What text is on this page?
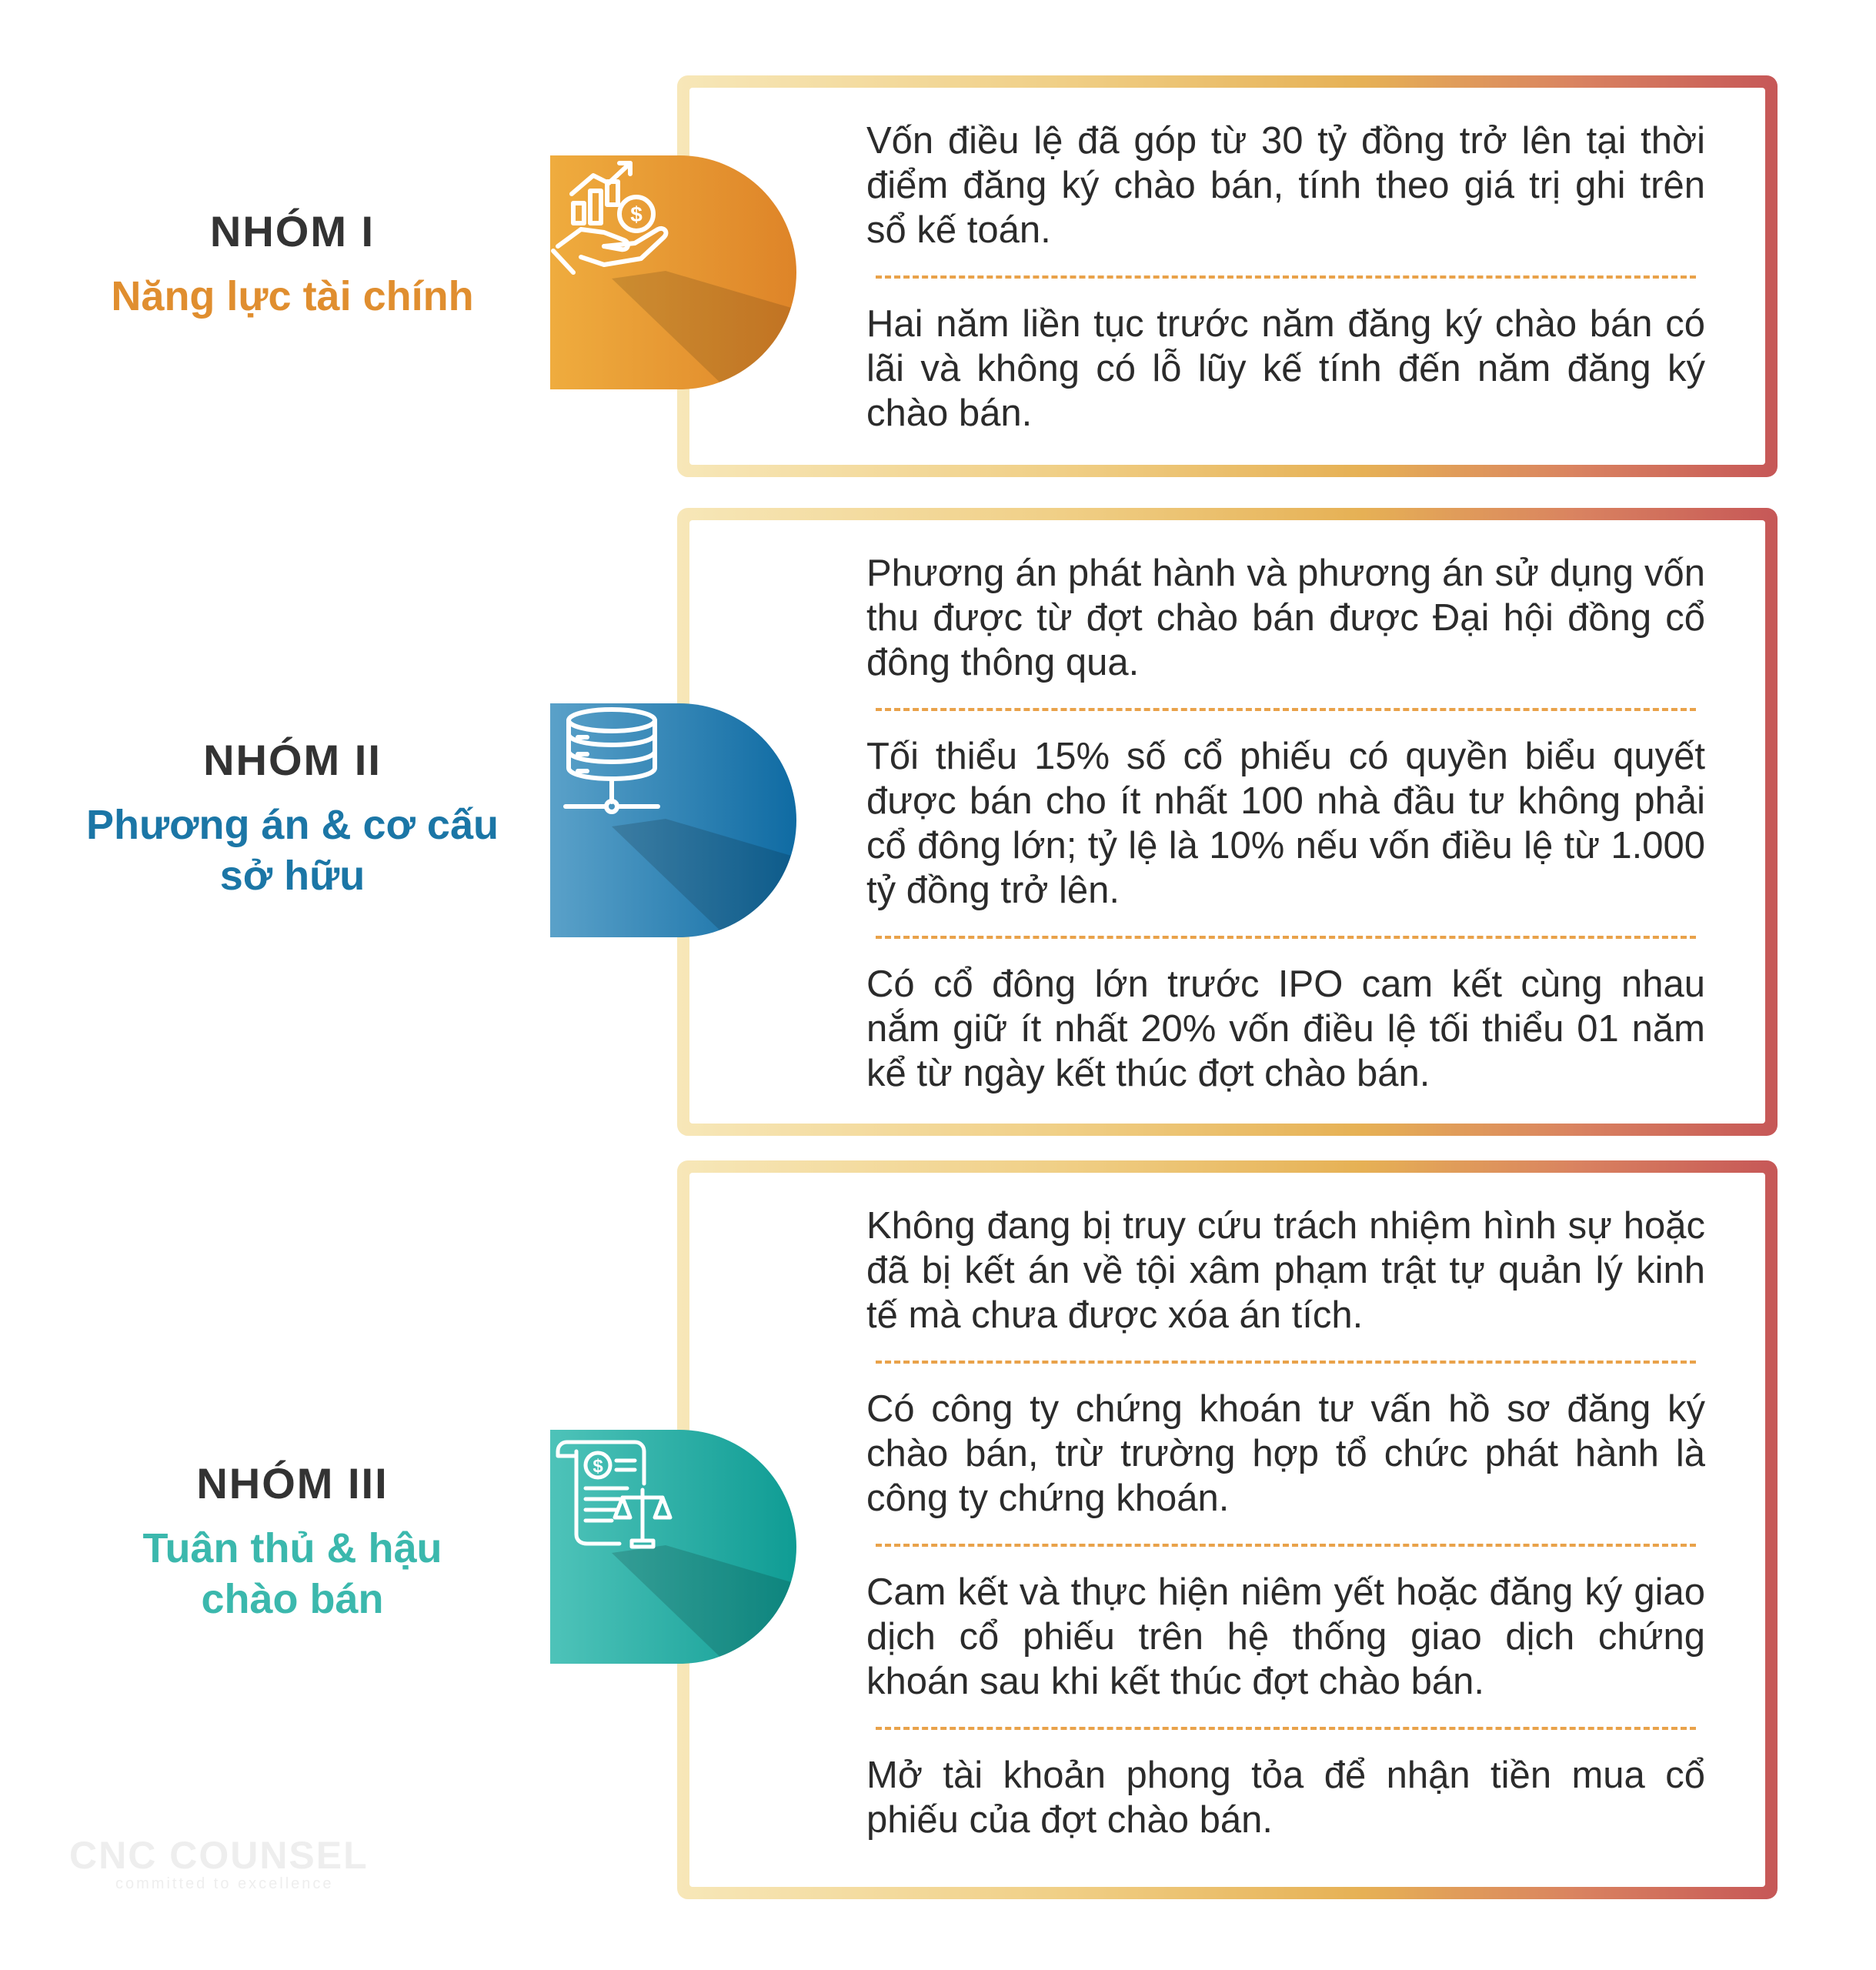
Vốn điều lệ đã góp từ 30 tỷ đồng trở lên tại thời điểm đăng ký chào bán, tính theo giá trị ghi trên sổ kế toán.
Hai năm liền tục trước năm đăng ký chào bán có lãi và không có lỗ lũy kế tính đến năm đăng ký chào bán.
NHÓM I
Năng lực tài chính
$
Phương án phát hành và phương án sử dụng vốn thu được từ đợt chào bán được Đại hội đồng cổ đông thông qua.
Tối thiểu 15% số cổ phiếu có quyền biểu quyết được bán cho ít nhất 100 nhà đầu tư không phải cổ đông lớn; tỷ lệ là 10% nếu vốn điều lệ từ 1.000 tỷ đồng trở lên.
Có cổ đông lớn trước IPO cam kết cùng nhau nắm giữ ít nhất 20% vốn điều lệ tối thiểu 01 năm kể từ ngày kết thúc đợt chào bán.
NHÓM II
Phương án & cơ cấu sở hữu
Không đang bị truy cứu trách nhiệm hình sự hoặc đã bị kết án về tội xâm phạm trật tự quản lý kinh tế mà chưa được xóa án tích.
Có công ty chứng khoán tư vấn hồ sơ đăng ký chào bán, trừ trường hợp tổ chức phát hành là công ty chứng khoán.
Cam kết và thực hiện niêm yết hoặc đăng ký giao dịch cổ phiếu trên hệ thống giao dịch chứng khoán sau khi kết thúc đợt chào bán.
Mở tài khoản phong tỏa để nhận tiền mua cổ phiếu của đợt chào bán.
NHÓM III
Tuân thủ & hậu chào bán
$
CNC COUNSEL
committed to excellence
